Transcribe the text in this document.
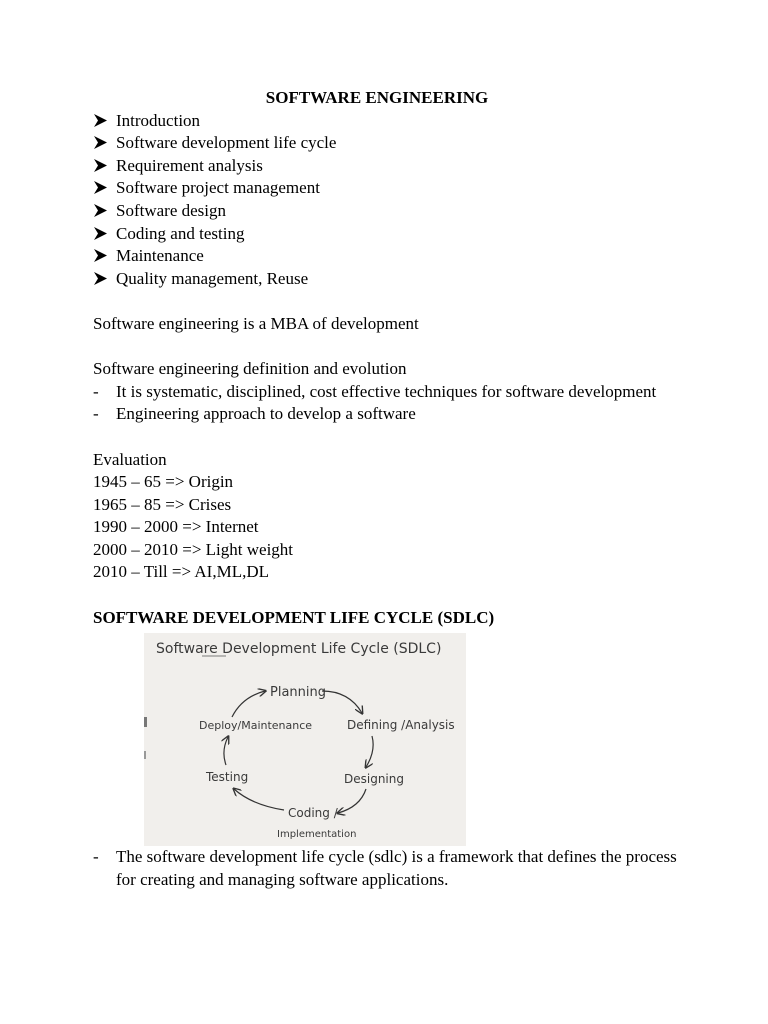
SOFTWARE ENGINEERING

Introduction
Software development life cycle
Requirement analysis
Software project management
Software design
Coding and testing
Maintenance
Quality management, Reuse

Software engineering is a MBA of development

Software engineering definition and evolution

- It is systematic, disciplined, cost effective techniques for software development
- Engineering approach to develop a software

Evaluation

1945 – 65 => Origin

1965 – 85 => Crises

1990 – 2000 => Internet

2000 – 2010 => Light weight

2010 – Till => AI,ML,DL

SOFTWARE DEVELOPMENT LIFE CYCLE (SDLC)

Software Development Life Cycle (SDLC)
Planning
Defining /Analysis
Designing
Coding /
Implementation
Testing
Deploy/Maintenance
- The software development life cycle (sdlc) is a framework that defines the process for creating and managing software applications.
